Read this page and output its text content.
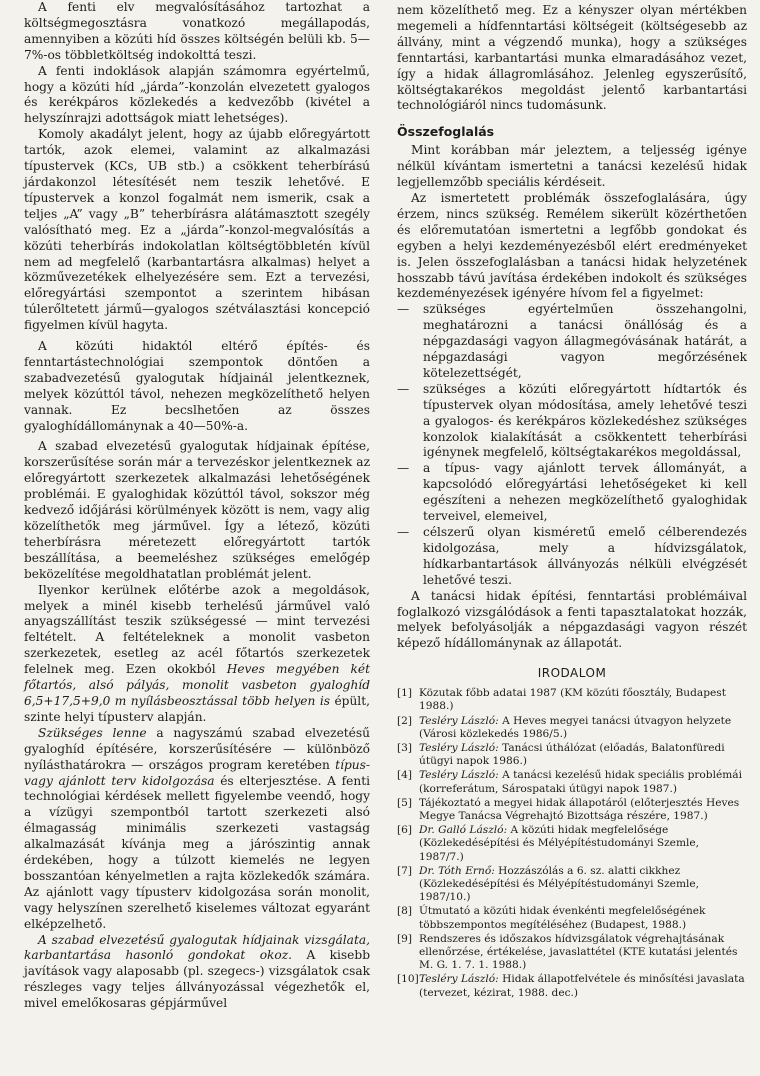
A fenti elv megvalósításához tartozhat a költségmegosztásra vonatkozó megállapodás, amennyiben a közúti híd összes költségén belüli kb. 5—7%-os többletköltség indokolttá teszi.

A fenti indoklások alapján számomra egyértelmű, hogy a közúti híd „járda”-konzolán elvezetett gyalogos és kerékpáros közlekedés a kedvezőbb (kivétel a helyszínrajzi adottságok miatt lehetséges).

Komoly akadályt jelent, hogy az újabb előregyártott tartók, azok elemei, valamint az alkalmazási típustervek (KCs, UB stb.) a csökkent teherbírású járdakonzol létesítését nem teszik lehetővé. E típustervek a konzol fogalmát nem ismerik, csak a teljes „A” vagy „B” teherbírásra alátámasztott szegély valósítható meg. Ez a „járda”-konzol-megvalósítás a közúti teherbírás indokolatlan költségtöbbletén kívül nem ad megfelelő (karbantartásra alkalmas) helyet a közművezetékek elhelyezésére sem. Ezt a tervezési, előregyártási szempontot a szerintem hibásan túlerőltetett jármű—gyalogos szétválasztási koncepció figyelmen kívül hagyta.

A közúti hidaktól eltérő építés- és fenntartástechnológiai szempontok döntően a szabadvezetésű gyalogutak hídjainál jelentkeznek, melyek közúttól távol, nehezen megközelíthető helyen vannak. Ez becslhetően az összes gyaloghídállománynak a 40—50%-a.

A szabad elvezetésű gyalogutak hídjainak építése, korszerűsítése során már a tervezéskor jelentkeznek az előregyártott szerkezetek alkalmazási lehetőségének problémái. E gyaloghidak közúttól távol, sokszor még kedvező időjárási körülmények között is nem, vagy alig közelíthetők meg járművel. Így a létező, közúti teherbírásra méretezett előregyártott tartók beszállítása, a beemeléshez szükséges emelőgép beközelítése megoldhatatlan problémát jelent.

Ilyenkor kerülnek előtérbe azok a megoldások, melyek a minél kisebb terhelésű járművel való anyagszállítást teszik szükségessé — mint tervezési feltételt. A feltételeknek a monolit vasbeton szerkezetek, esetleg az acél főtartós szerkezetek felelnek meg. Ezen okokból Heves megyében két főtartós, alsó pályás, monolit vasbeton gyaloghíd 6,5+17,5+9,0 m nyílásbeosztással több helyen is épült, szinte helyi típusterv alapján.

Szükséges lenne a nagyszámú szabad elvezetésű gyaloghíd építésére, korszerűsítésére — különböző nyílásthatárokra — országos program keretében típus- vagy ajánlott terv kidolgozása és elterjesztése. A fenti technológiai kérdések mellett figyelembe veendő, hogy a vízügyi szempontból tartott szerkezeti alsó élmagasság minimális szerkezeti vastagság alkalmazását kívánja meg a járószintig annak érdekében, hogy a túlzott kiemelés ne legyen bosszantóan kényelmetlen a rajta közlekedők számára. Az ajánlott vagy típusterv kidolgozása során monolit, vagy helyszínen szerelhető kiselemes változat egyaránt elképzelhető.

A szabad elvezetésű gyalogutak hídjainak vizsgálata, karbantartása hasonló gondokat okoz. A kisebb javítások vagy alaposabb (pl. szegecs-) vizsgálatok csak részleges vagy teljes állványozással végezhetők el, mivel emelőkosaras gépjárművel

nem közelíthető meg. Ez a kényszer olyan mértékben megemeli a hídfenntartási költségeit (költségesebb az állvány, mint a végzendő munka), hogy a szükséges fenntartási, karbantartási munka elmaradásához vezet, így a hidak állagromlásához. Jelenleg egyszerűsítő, költségtakarékos megoldást jelentő karbantartási technológiáról nincs tudomásunk.

Összefoglalás

Mint korábban már jeleztem, a teljesség igénye nélkül kívántam ismertetni a tanácsi kezelésű hidak legjellemzőbb speciális kérdéseit.

Az ismertetett problémák összefoglalására, úgy érzem, nincs szükség. Remélem sikerült közérthetően és előremutatóan ismertetni a legfőbb gondokat és egyben a helyi kezdeményezésből elért eredményeket is. Jelen összefoglalásban a tanácsi hidak helyzetének hosszabb távú javítása érdekében indokolt és szükséges kezdeményezések igényére hívom fel a figyelmet:

— szükséges egyértelműen összehangolni, meghatározni a tanácsi önállóság és a népgazdasági vagyon állagmegóvásának határát, a népgazdasági vagyon megőrzésének kötelezettségét,
— szükséges a közúti előregyártott hídtartók és típustervek olyan módosítása, amely lehetővé teszi a gyalogos- és kerékpáros közlekedéshez szükséges konzolok kialakítását a csökkentett teherbírási igénynek megfelelő, költségtakarékos megoldással,
— a típus- vagy ajánlott tervek állományát, a kapcsolódó előregyártási lehetőségeket ki kell egészíteni a nehezen megközelíthető gyaloghidak terveivel, elemeivel,
— célszerű olyan kisméretű emelő célberendezés kidolgozása, mely a hídvizsgálatok, hídkarbantartások állványozás nélküli elvégzését lehetővé teszi.

A tanácsi hidak építési, fenntartási problémáival foglalkozó vizsgálódások a fenti tapasztalatokat hozzák, melyek befolyásolják a népgazdasági vagyon részét képező hídállománynak az állapotát.

IRODALOM
[1] Közutak főbb adatai 1987 (KM közúti főosztály, Budapest 1988.)
[2] Tesléry László: A Heves megyei tanácsi útvagyon helyzete (Városi közlekedés 1986/5.)
[3] Tesléry László: Tanácsi úthálózat (előadás, Balatonfüredi útügyi napok 1986.)
[4] Tesléry László: A tanácsi kezelésű hidak speciális problémái (korreferátum, Sárospataki útügyi napok 1987.)
[5] Tájékoztató a megyei hidak állapotáról (előterjesztés Heves Megye Tanácsa Végrehajtó Bizottsága részére, 1987.)
[6] Dr. Galló László: A közúti hidak megfelelősége (Közlekedésépítési és Mélyépítéstudományi Szemle, 1987/7.)
[7] Dr. Tóth Ernő: Hozzászólás a 6. sz. alatti cikkhez (Közlekedésépítési és Mélyépítéstudományi Szemle, 1987/10.)
[8] Útmutató a közúti hidak évenkénti megfelelőségének többszempontos megítéléséhez (Budapest, 1988.)
[9] Rendszeres és időszakos hídvizsgálatok végrehajtásának ellenőrzése, értékelése, javaslattétel (KTE kutatási jelentés M. G. 1. 7. 1. 1988.)
[10] Tesléry László: Hidak állapotfelvétele és minősítési javaslata (tervezet, kézirat, 1988. dec.)
